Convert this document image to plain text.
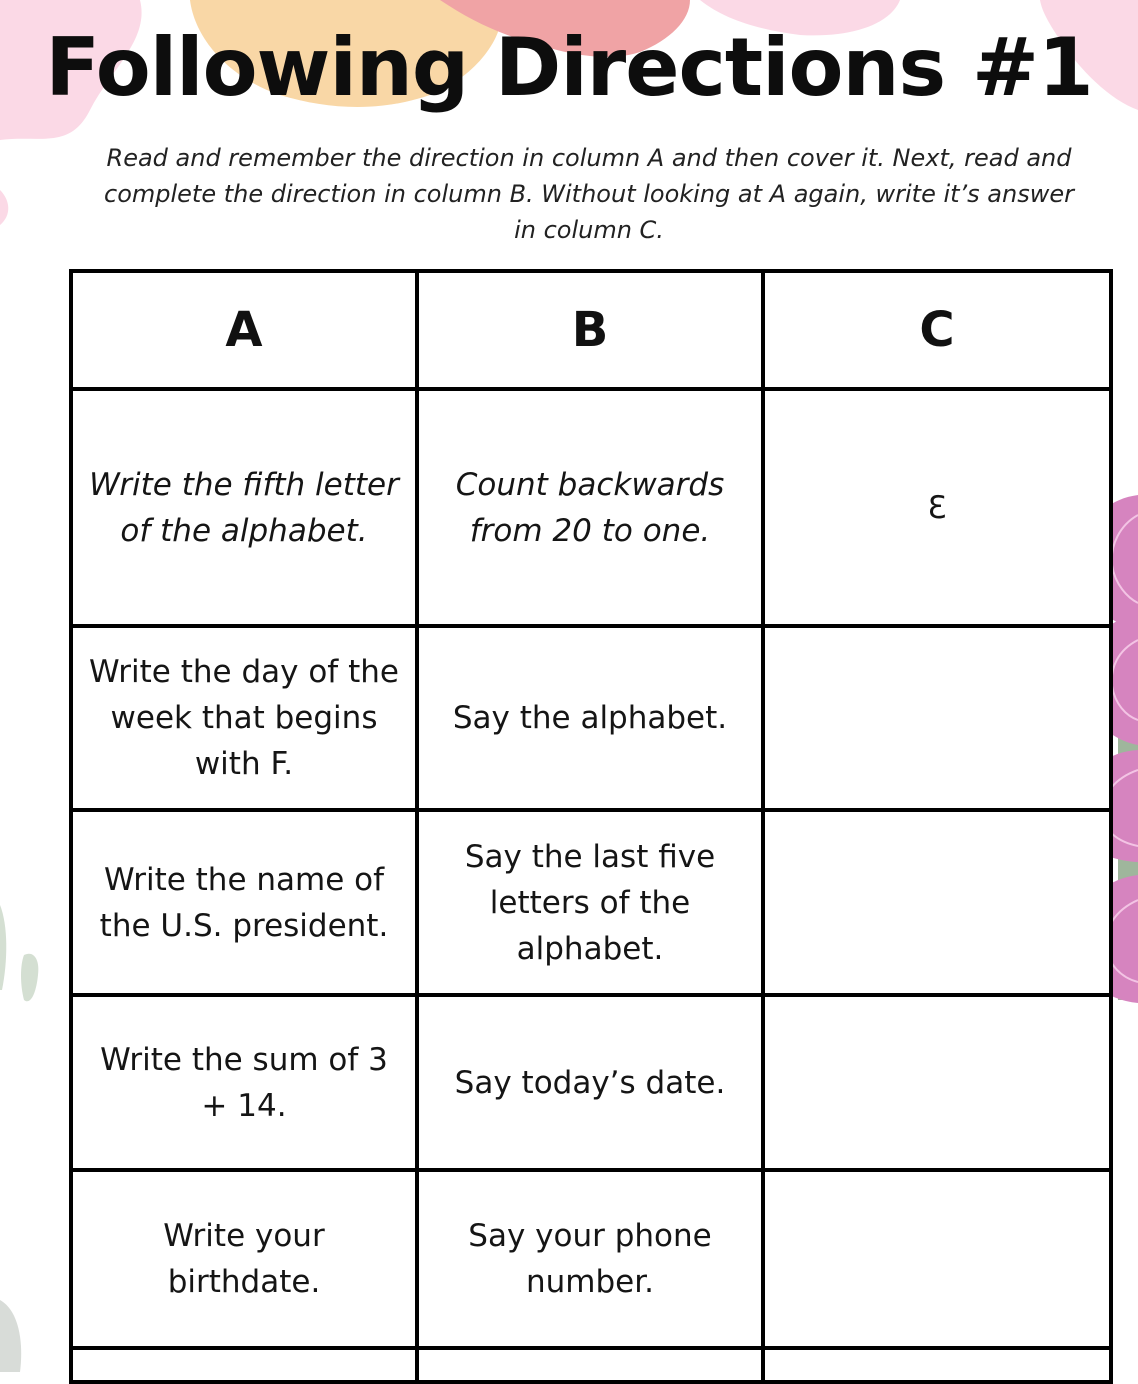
Following Directions #1

Read and remember the direction in column A and then cover it. Next, read and complete the direction in column B. Without looking at A again, write it’s answer in column C.

A	B	C
Write the fifth letter of the alphabet.	Count backwards from 20 to one.	Ɛ
Write the day of the week that begins with F.	Say the alphabet.	
Write the name of the U.S. president.	Say the last five letters of the alphabet.	
Write the sum of 3 + 14.	Say today’s date.	
Write your birthdate.	Say your phone number.	
